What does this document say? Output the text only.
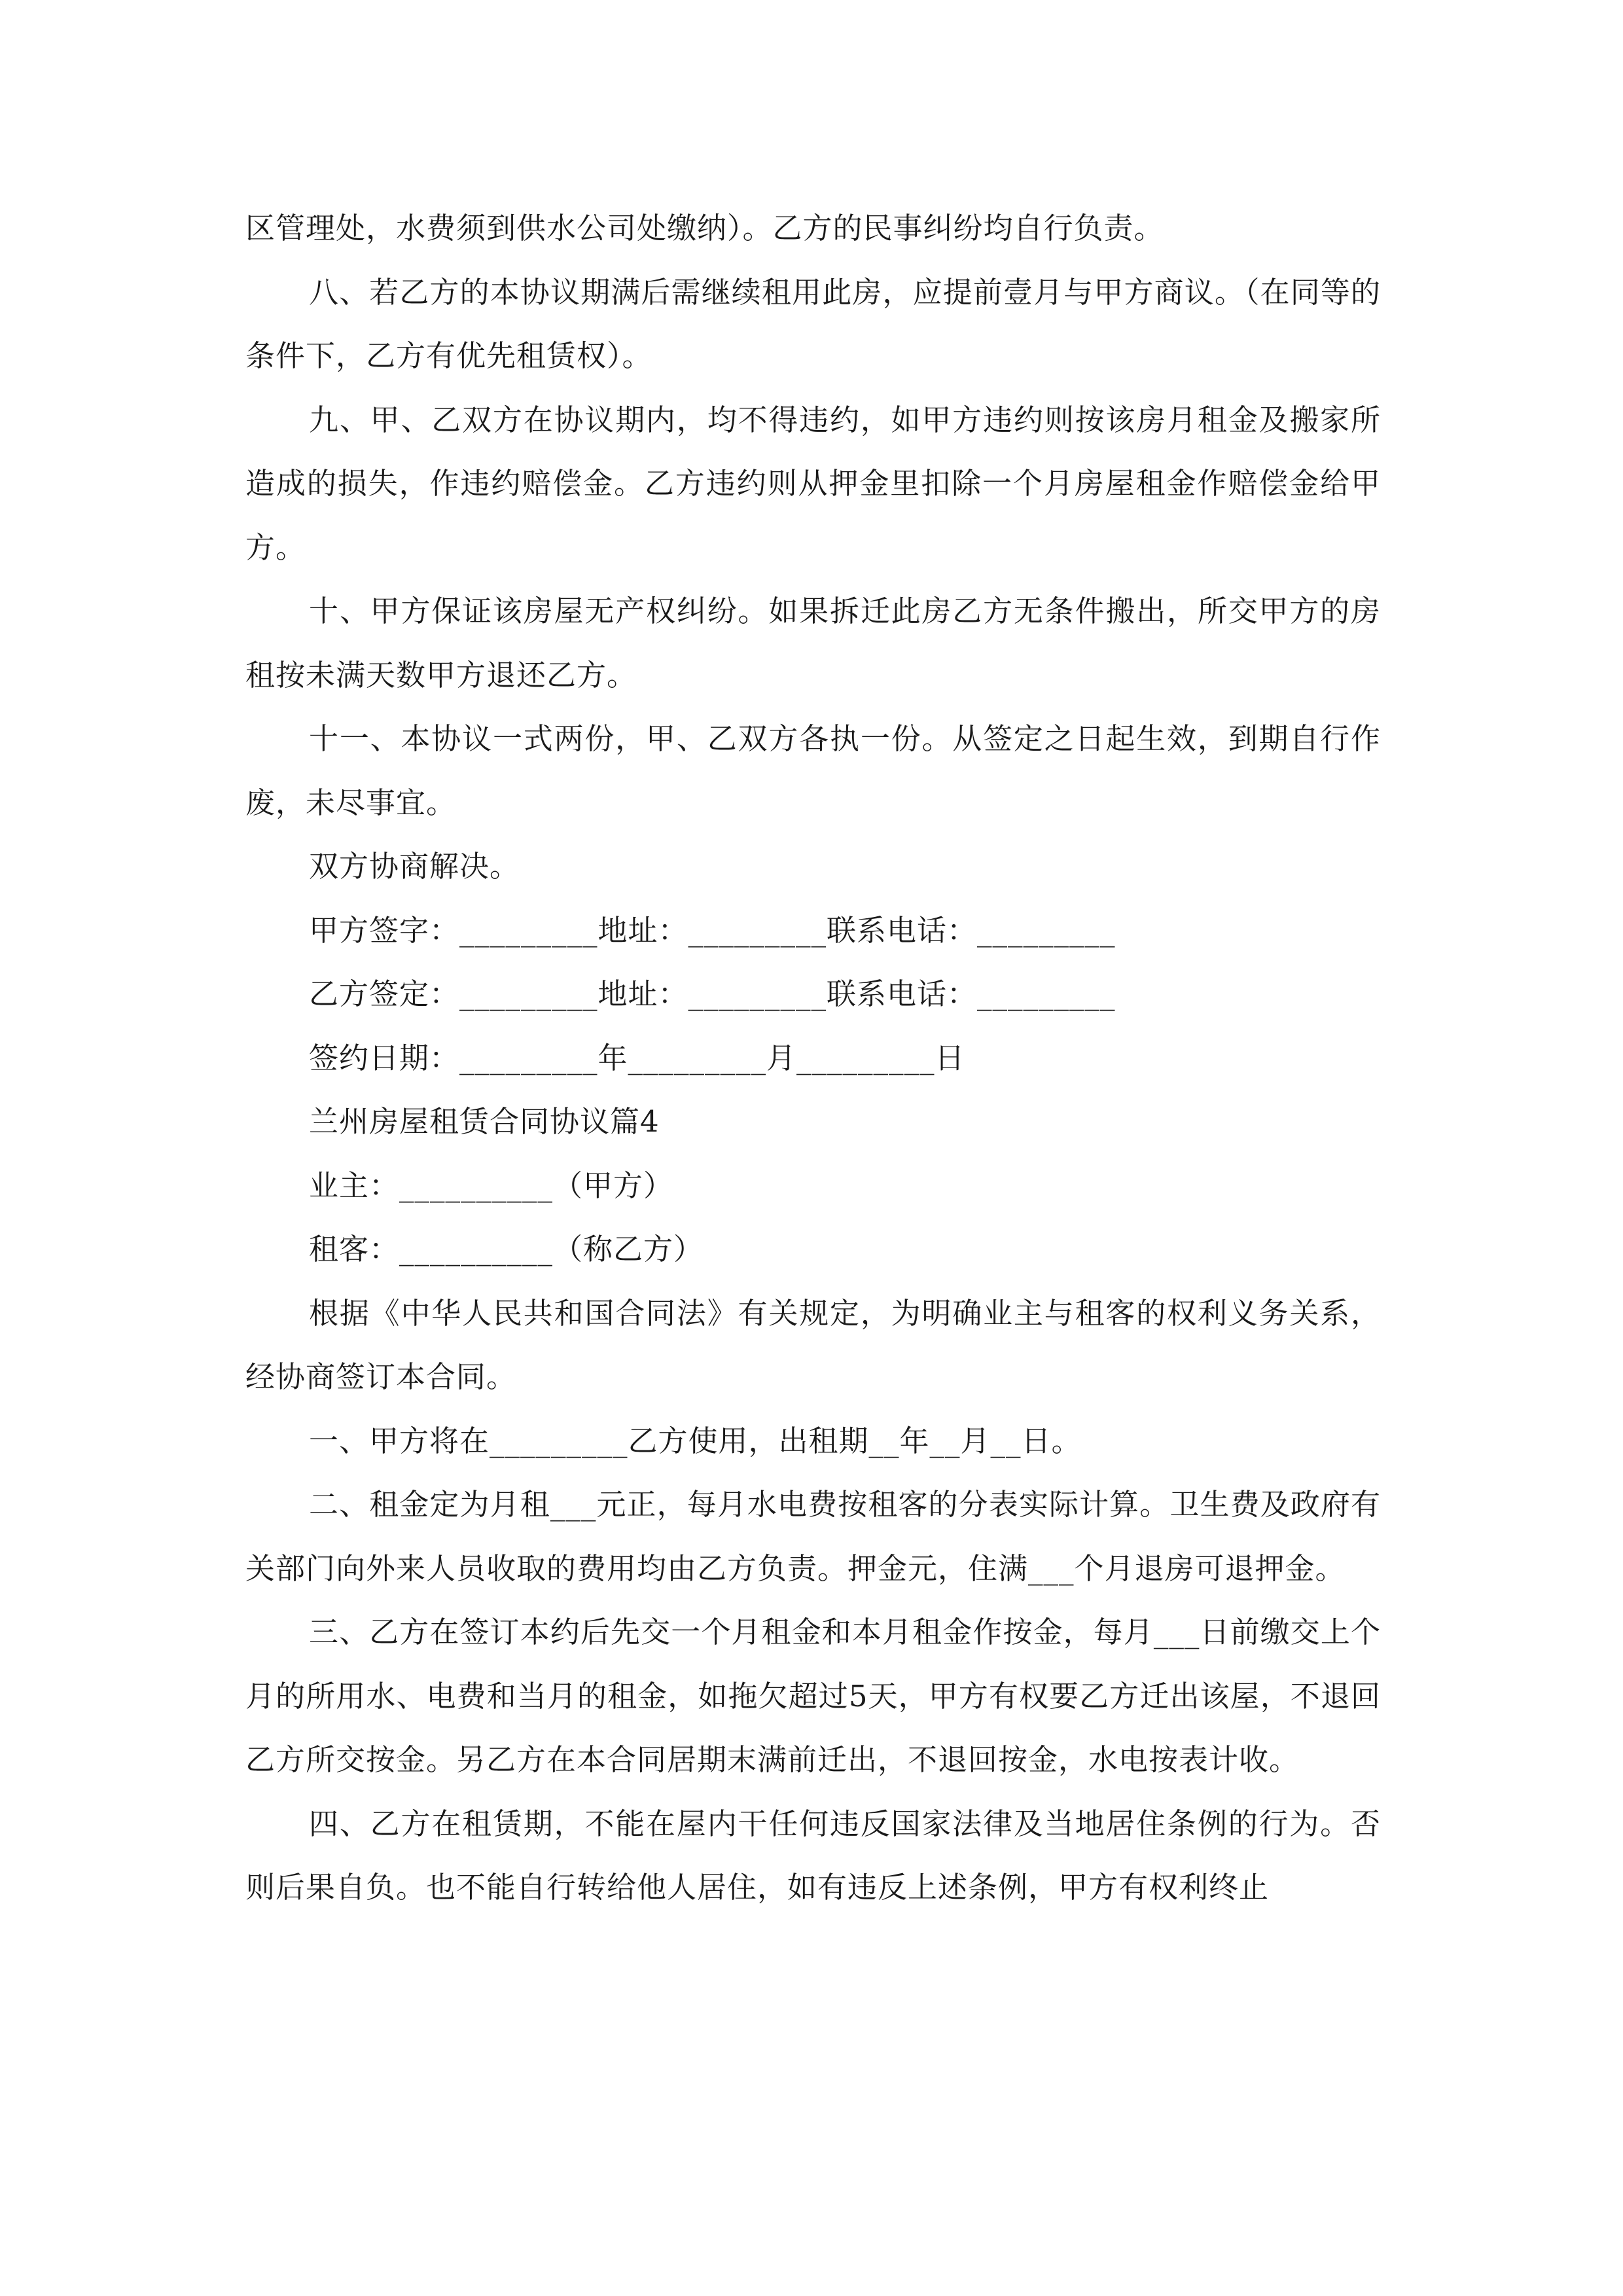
区管理处，水费须到供水公司处缴纳）。乙方的民事纠纷均自行负责。

八、若乙方的本协议期满后需继续租用此房，应提前壹月与甲方商议。（在同等的条件下，乙方有优先租赁权）。

九、甲、乙双方在协议期内，均不得违约，如甲方违约则按该房月租金及搬家所造成的损失，作违约赔偿金。乙方违约则从押金里扣除一个月房屋租金作赔偿金给甲方。

十、甲方保证该房屋无产权纠纷。如果拆迁此房乙方无条件搬出，所交甲方的房租按未满天数甲方退还乙方。

十一、本协议一式两份，甲、乙双方各执一份。从签定之日起生效，到期自行作废，未尽事宜。

双方协商解决。

甲方签字：_________地址：_________联系电话：_________

乙方签定：_________地址：_________联系电话：_________

签约日期：_________年_________月_________日

兰州房屋租赁合同协议篇4

业主：__________（甲方）

租客：__________（称乙方）

根据《中华人民共和国合同法》有关规定，为明确业主与租客的权利义务关系，经协商签订本合同。

一、甲方将在_________乙方使用，出租期__年__月__日。

二、租金定为月租___元正，每月水电费按租客的分表实际计算。卫生费及政府有关部门向外来人员收取的费用均由乙方负责。押金元，住满___个月退房可退押金。

三、乙方在签订本约后先交一个月租金和本月租金作按金，每月___日前缴交上个月的所用水、电费和当月的租金，如拖欠超过5天，甲方有权要乙方迁出该屋，不退回乙方所交按金。另乙方在本合同居期末满前迁出，不退回按金，水电按表计收。

四、乙方在租赁期，不能在屋内干任何违反国家法律及当地居住条例的行为。否则后果自负。也不能自行转给他人居住，如有违反上述条例，甲方有权利终止
